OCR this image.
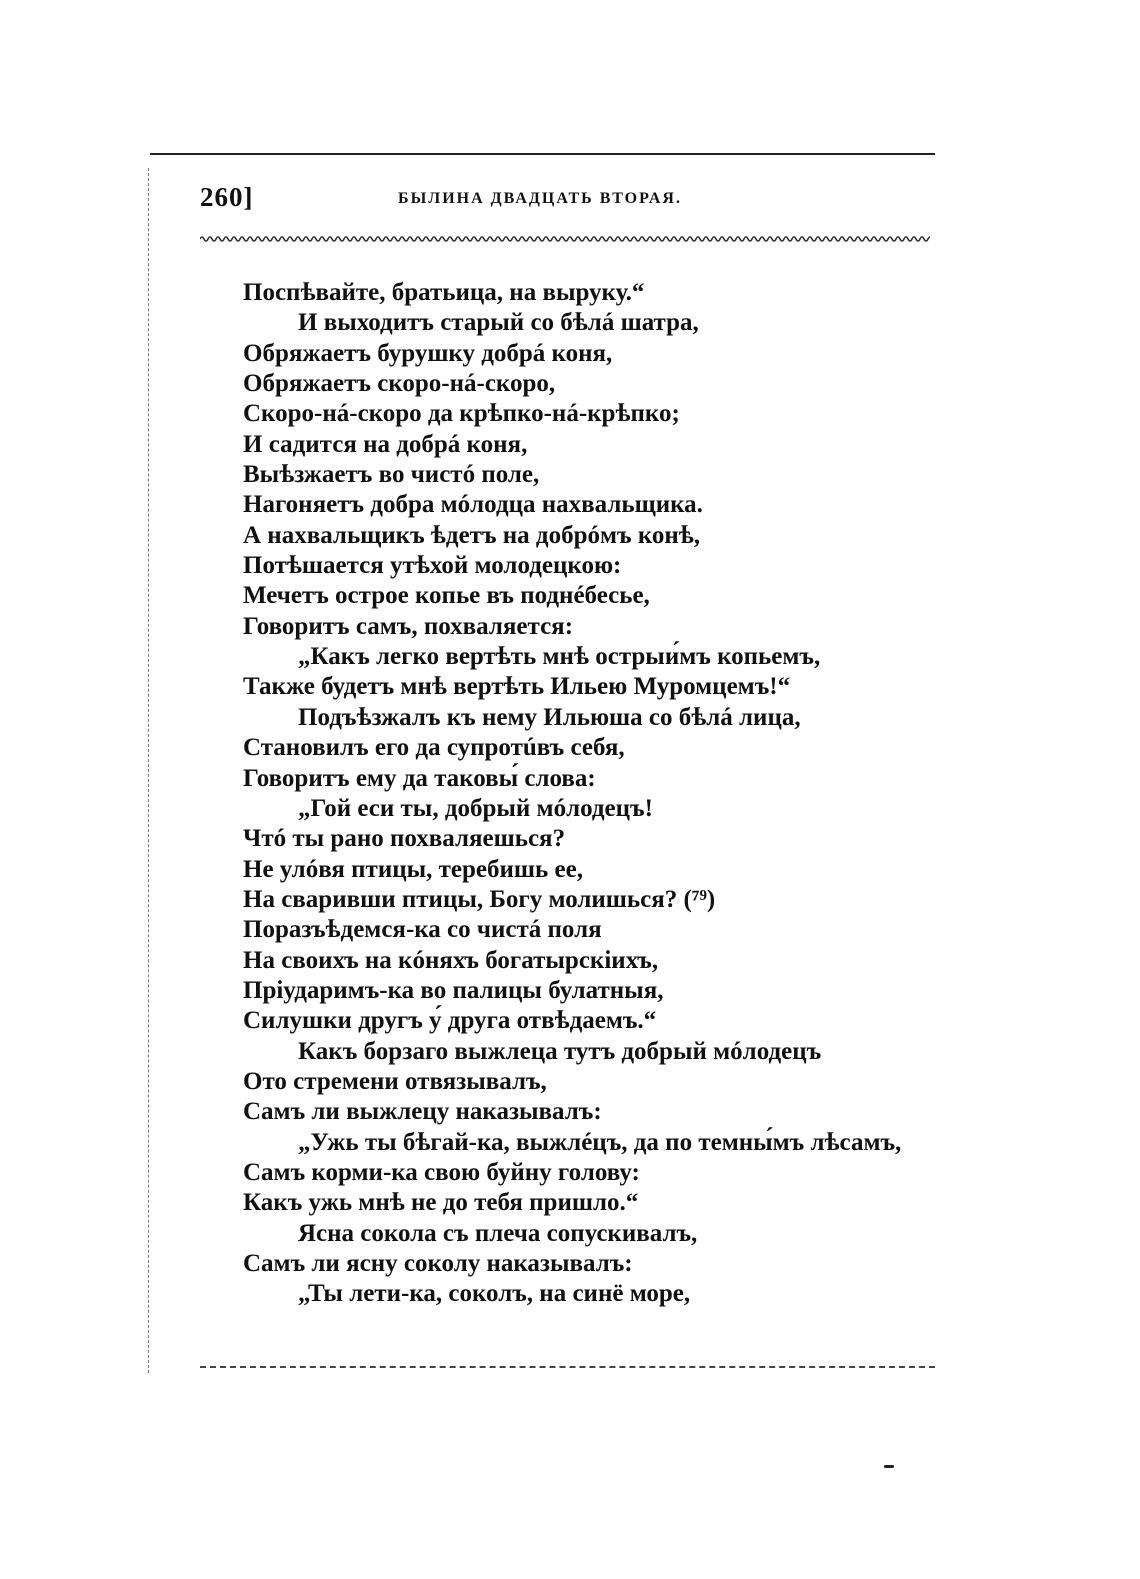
260]	БЫЛИНА ДВАДЦАТЬ ВТОРАЯ.
Поспѣвайте, братьица, на выруку.“
И выходитъ старый со бѣлá шатра,
Обряжаетъ бурушку добрá коня,
Обряжаетъ скоро-нá-скоро,
Скоро-нá-скоро да крѣпко-нá-крѣпко;
И садится на добрá коня,
Выѣзжаетъ во чистó поле,
Нагоняетъ добра мóлодца нахвальщика.
А нахвальщикъ ѣдетъ на добрóмъ конѣ,
Потѣшается утѣхой молодецкою:
Мечетъ острое копье въ поднéбесье,
Говоритъ самъ, похваляется:
„Какъ легко вертѣть мнѣ острыи́мъ копьемъ,
Также будетъ мнѣ вертѣть Ильею Муромцемъ!“
Подъѣзжалъ къ нему Ильюша со бѣлá лица,
Становилъ его да супротúвъ себя,
Говоритъ ему да таковы́ слова:
„Гой еси ты, добрый мóлодецъ!
Чтó ты рано похваляешься?
Не улóвя птицы, теребишь ее,
На сваривши птицы, Богу молишься? (⁷⁹)
Поразъѣдемся-ка со чистá поля
На своихъ на кóняхъ богатырскіихъ,
Пріударимъ-ка во палицы булатныя,
Силушки другъ у́ друга отвѣдаемъ.“
Какъ борзаго выжлеца тутъ добрый мóлодецъ
Ото стремени отвязывалъ,
Самъ ли выжлецу наказывалъ:
„Ужь ты бѣгай-ка, выжлéцъ, да по темны́мъ лѣсамъ,
Самъ корми-ка свою буйну голову:
Какъ ужь мнѣ не до тебя пришло.“
Ясна сокола съ плеча сопускивалъ,
Самъ ли ясну соколу наказывалъ:
„Ты лети-ка, соколъ, на синё море,
